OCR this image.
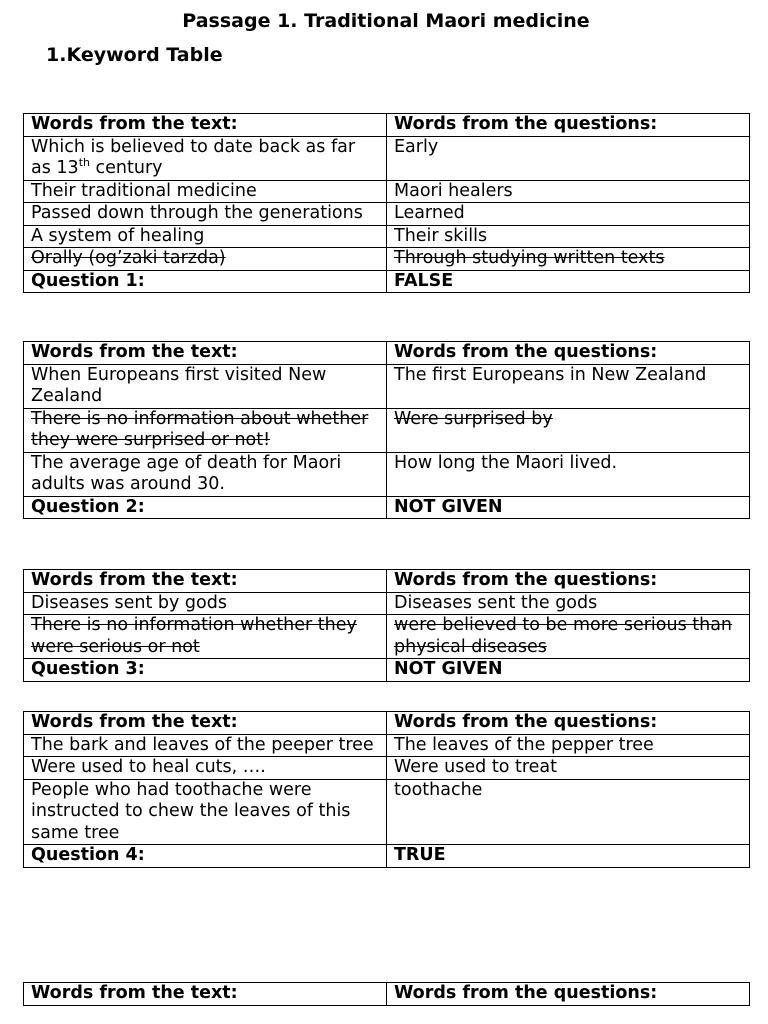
Passage 1. Traditional Maori medicine
1.Keyword Table
Words from the text:	Words from the questions:
Which is believed to date back as far as 13th century	Early
Their traditional medicine	Maori healers
Passed down through the generations	Learned
A system of healing	Their skills
Orally (og’zaki tarzda)	Through studying written texts
Question 1:	FALSE
Words from the text:	Words from the questions:
When Europeans first visited New Zealand	The first Europeans in New Zealand
There is no information about whether they were surprised or not!	Were surprised by
The average age of death for Maori adults was around 30.	How long the Maori lived.
Question 2:	NOT GIVEN
Words from the text:	Words from the questions:
Diseases sent by gods	Diseases sent the gods
There is no information whether they were serious or not	were believed to be more serious than physical diseases
Question 3:	NOT GIVEN
Words from the text:	Words from the questions:
The bark and leaves of the peeper tree	The leaves of the pepper tree
Were used to heal cuts, ….	Were used to treat
People who had toothache were instructed to chew the leaves of this same tree	toothache
Question 4:	TRUE
Words from the text:	Words from the questions:
